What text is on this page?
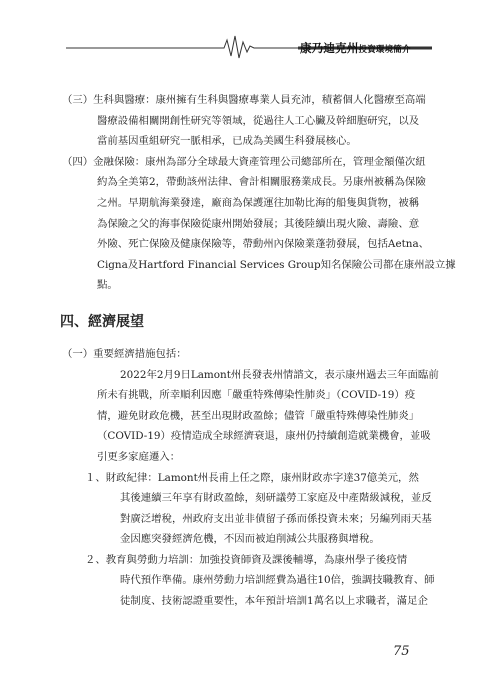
康乃迪克州投資環境簡介
（三）生科與醫療：康州擁有生科與醫療專業人員充沛，積蓄個人化醫療至高端
醫療設備相關開創性研究等領域，從過往人工心臟及幹細胞研究，以及
當前基因重組研究一脈相承，已成為美國生科發展核心。
（四）金融保險：康州為部分全球最大資產管理公司總部所在，管理金額僅次紐
約為全美第2，帶動該州法律、會計相關服務業成長。另康州被稱為保險
之州。早期航海業發達，廠商為保護運往加勒比海的船隻與貨物，被稱
為保險之父的海事保險從康州開始發展；其後陸續出現火險、壽險、意
外險、死亡保險及健康保險等，帶動州內保險業蓬勃發展，包括Aetna、
Cigna及Hartford Financial Services Group知名保險公司都在康州設立據
點。
四、經濟展望
（一）重要經濟措施包括：
2022年2月9日Lamont州長發表州情諮文，表示康州過去三年面臨前
所未有挑戰，所幸順利因應「嚴重特殊傳染性肺炎」（COVID-19）疫
情，避免財政危機，甚至出現財政盈餘；儘管「嚴重特殊傳染性肺炎」
（COVID-19）疫情造成全球經濟衰退，康州仍持續創造就業機會，並吸
引更多家庭遷入：
１、財政紀律：Lamont州長甫上任之際，康州財政赤字達37億美元，然
其後連續三年享有財政盈餘，刻研議勞工家庭及中產階級減稅，並反
對廣泛增稅，州政府支出並非債留子孫而係投資未來；另編列雨天基
金因應突發經濟危機，不因而被迫削減公共服務與增稅。
２、教育與勞動力培訓：加強投資師資及課後輔導，為康州學子後疫情
時代預作準備。康州勞動力培訓經費為過往10倍，強調技職教育、師
徒制度、技術認證重要性，本年預計培訓1萬名以上求職者，滿足企
75
